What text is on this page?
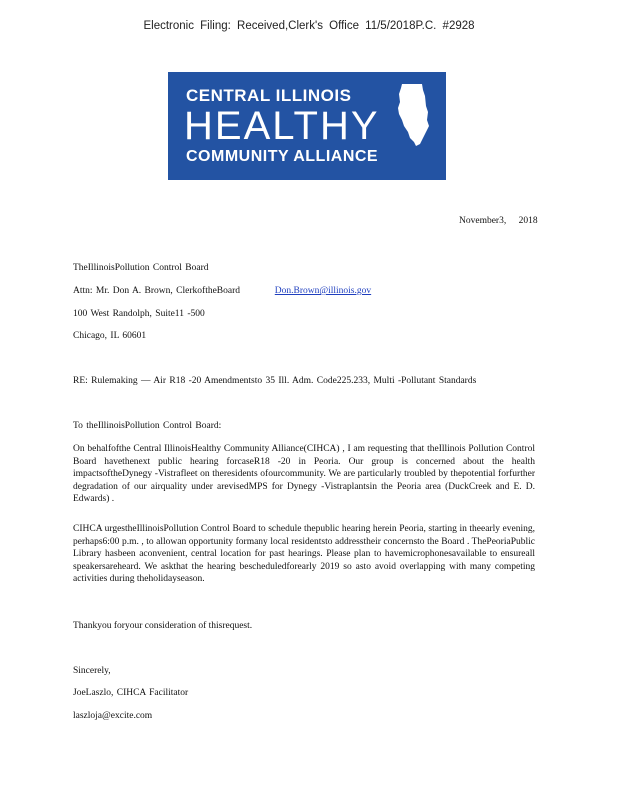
Electronic Filing: Received,Clerk's Office 11/5/2018P.C. #2928
CENTRAL ILLINOIS
HEALTHY
COMMUNITY ALLIANCE
November3, 2018
TheIllinoisPollution Control Board
Attn: Mr. Don A. Brown, ClerkoftheBoard	Don.Brown@illinois.gov
100 West Randolph, Suite11 -500
Chicago, IL 60601
RE: Rulemaking — Air R18 -20 Amendmentsto 35 Ill. Adm. Code225.233, Multi -Pollutant Standards
To theIllinoisPollution Control Board:
On behalfofthe Central IllinoisHealthy Community Alliance(CIHCA) , I am requesting that theIllinois Pollution Control Board havethenext public hearing forcaseR18 -20 in Peoria. Our group is concerned about the health impactsoftheDynegy -Vistrafleet on theresidents ofourcommunity. We are particularly troubled by thepotential forfurther degradation of our airquality under arevisedMPS for Dynegy -Vistraplantsin the Peoria area (DuckCreek and E. D. Edwards) .
CIHCA urgestheIllinoisPollution Control Board to schedule thepublic hearing herein Peoria, starting in theearly evening, perhaps6:00 p.m. , to allowan opportunity formany local residentsto addresstheir concernsto the Board . ThePeoriaPublic Library hasbeen aconvenient, central location for past hearings. Please plan to havemicrophonesavailable to ensureall speakersareheard. We askthat the hearing bescheduledforearly 2019 so asto avoid overlapping with many competing activities during theholidayseason.
Thankyou foryour consideration of thisrequest.
Sincerely,
JoeLaszlo, CIHCA Facilitator
laszloja@excite.com
